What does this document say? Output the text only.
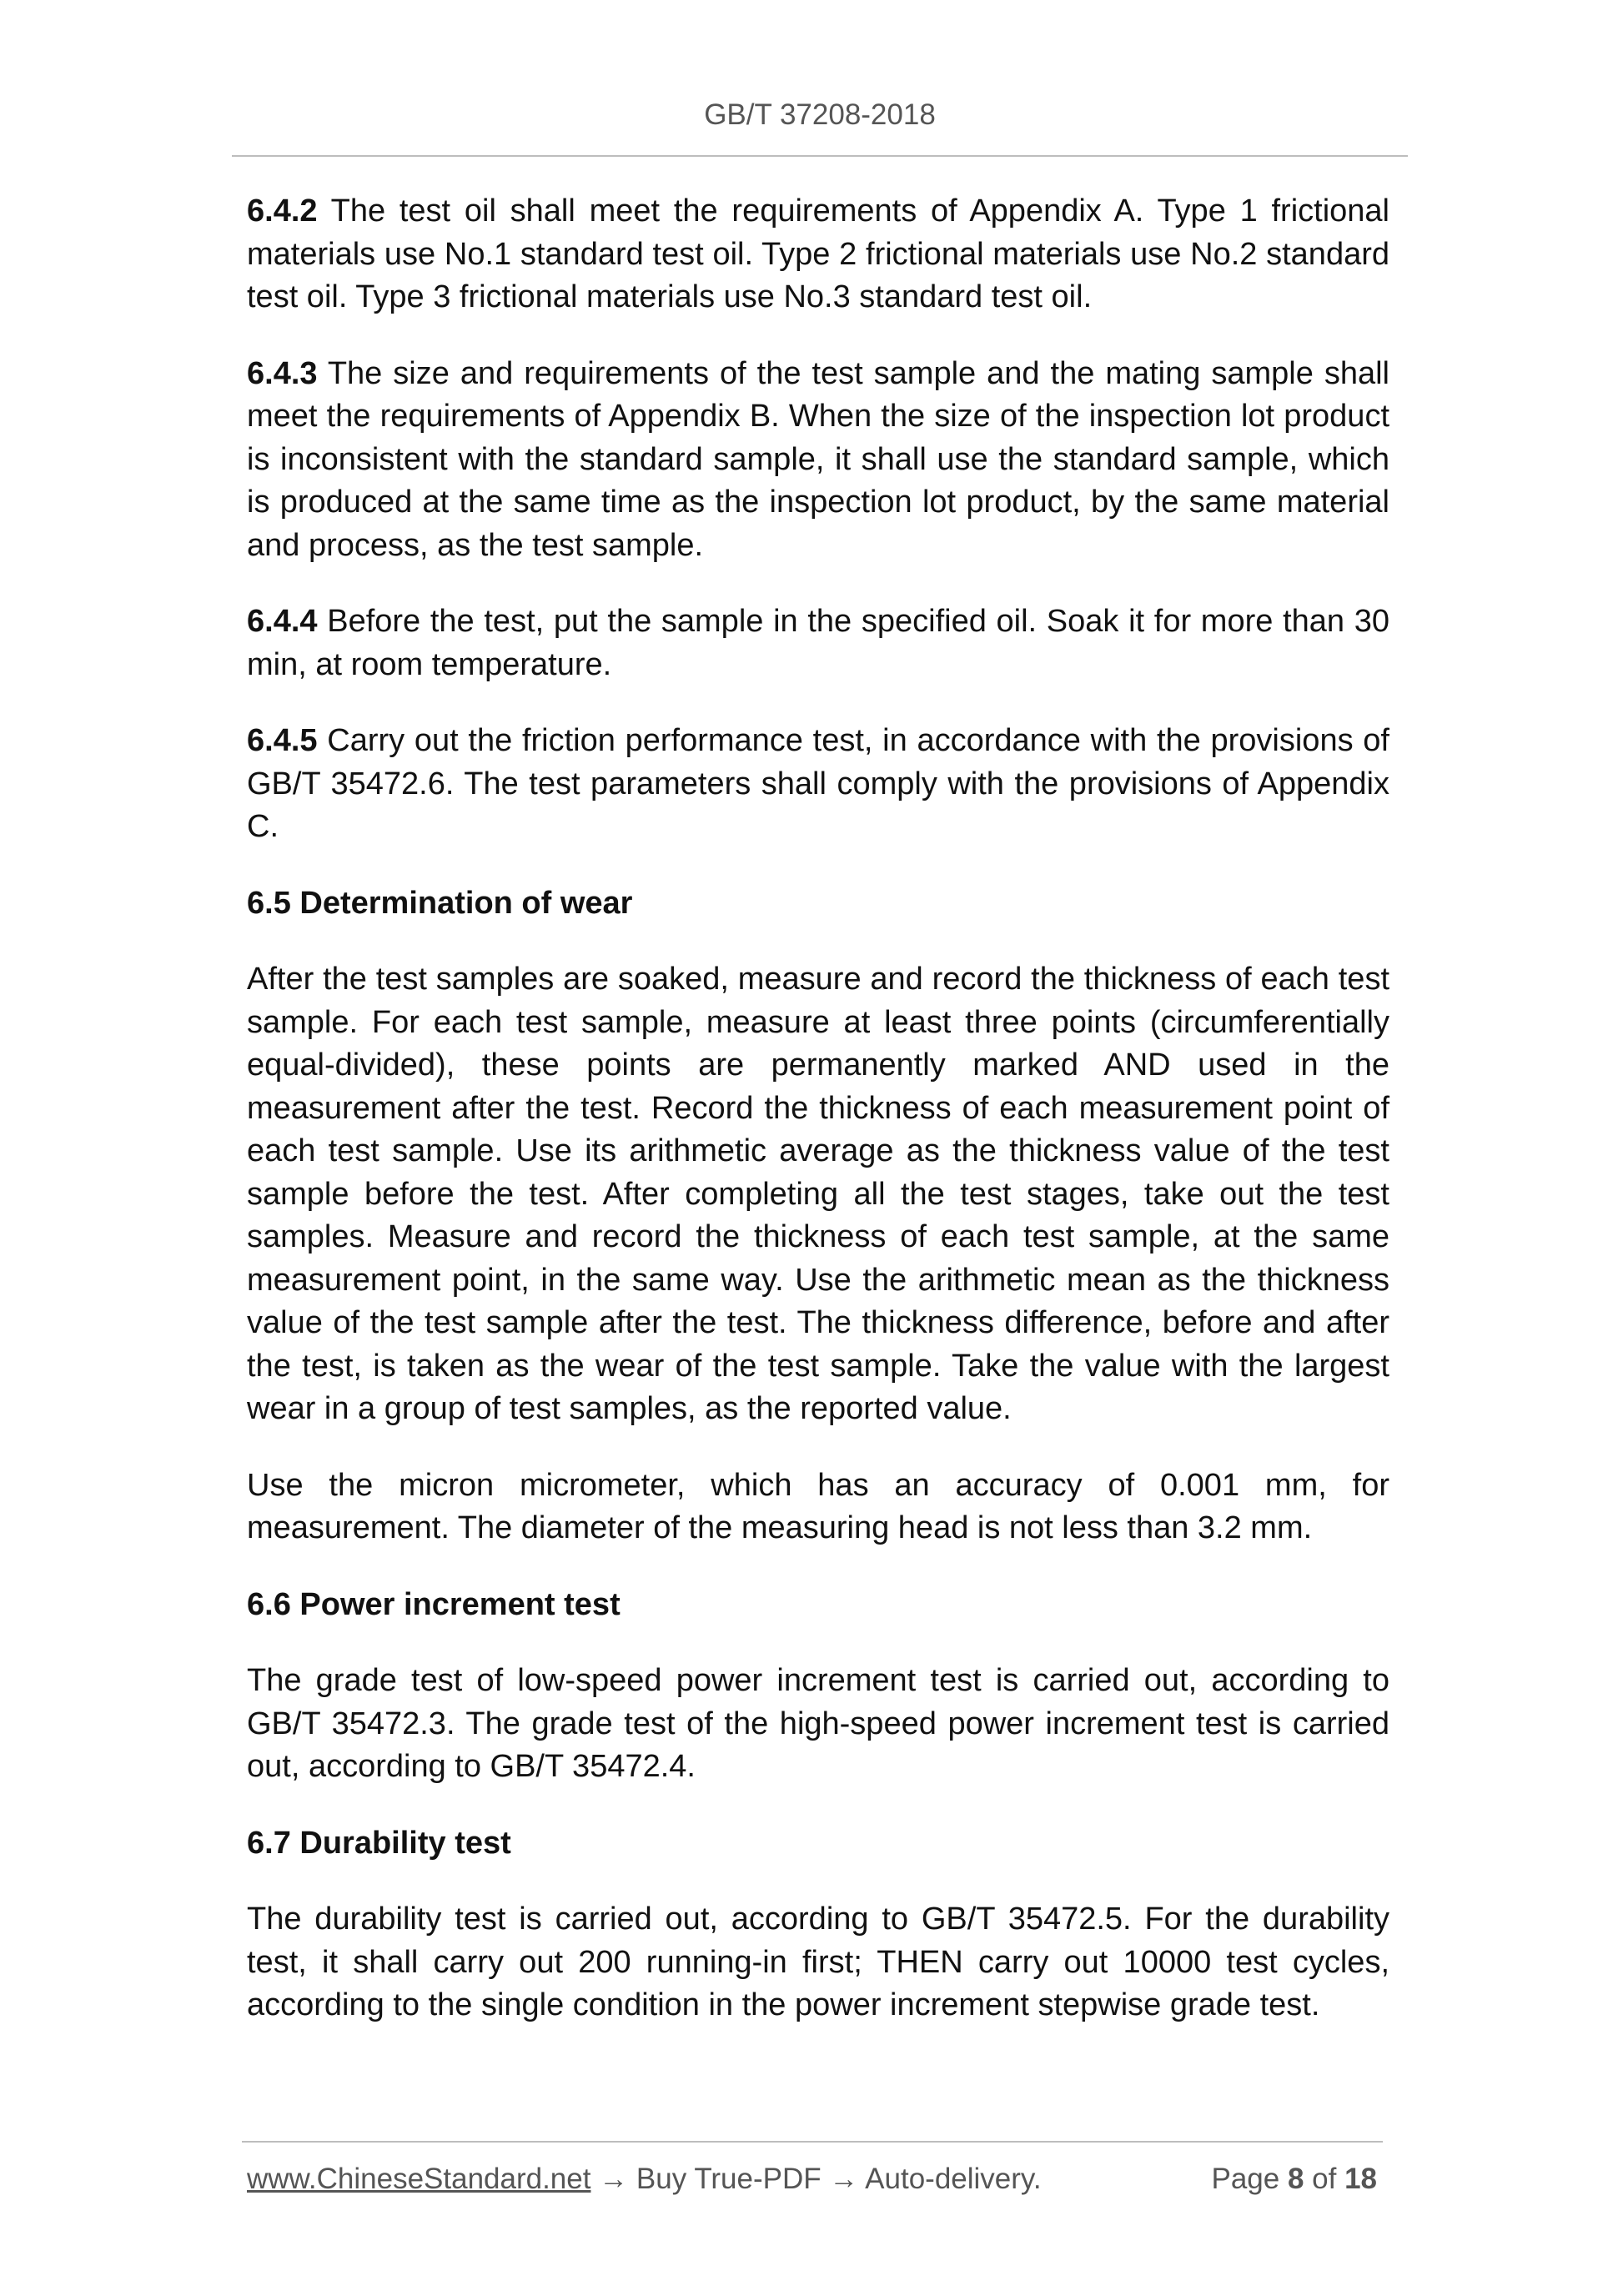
GB/T 37208-2018

6.4.2 The test oil shall meet the requirements of Appendix A. Type 1 frictional materials use No.1 standard test oil. Type 2 frictional materials use No.2 standard test oil. Type 3 frictional materials use No.3 standard test oil.

6.4.3 The size and requirements of the test sample and the mating sample shall meet the requirements of Appendix B. When the size of the inspection lot product is inconsistent with the standard sample, it shall use the standard sample, which is produced at the same time as the inspection lot product, by the same material and process, as the test sample.

6.4.4 Before the test, put the sample in the specified oil. Soak it for more than 30 min, at room temperature.

6.4.5 Carry out the friction performance test, in accordance with the provisions of GB/T 35472.6. The test parameters shall comply with the provisions of Appendix C.

6.5 Determination of wear

After the test samples are soaked, measure and record the thickness of each test sample. For each test sample, measure at least three points (circumferentially equal-divided), these points are permanently marked AND used in the measurement after the test. Record the thickness of each measurement point of each test sample. Use its arithmetic average as the thickness value of the test sample before the test. After completing all the test stages, take out the test samples. Measure and record the thickness of each test sample, at the same measurement point, in the same way. Use the arithmetic mean as the thickness value of the test sample after the test. The thickness difference, before and after the test, is taken as the wear of the test sample. Take the value with the largest wear in a group of test samples, as the reported value.

Use the micron micrometer, which has an accuracy of 0.001 mm, for measurement. The diameter of the measuring head is not less than 3.2 mm.

6.6 Power increment test

The grade test of low-speed power increment test is carried out, according to GB/T 35472.3. The grade test of the high-speed power increment test is carried out, according to GB/T 35472.4.

6.7 Durability test

The durability test is carried out, according to GB/T 35472.5. For the durability test, it shall carry out 200 running-in first; THEN carry out 10000 test cycles, according to the single condition in the power increment stepwise grade test.

www.ChineseStandard.net → Buy True-PDF → Auto-delivery.	Page 8 of 18
